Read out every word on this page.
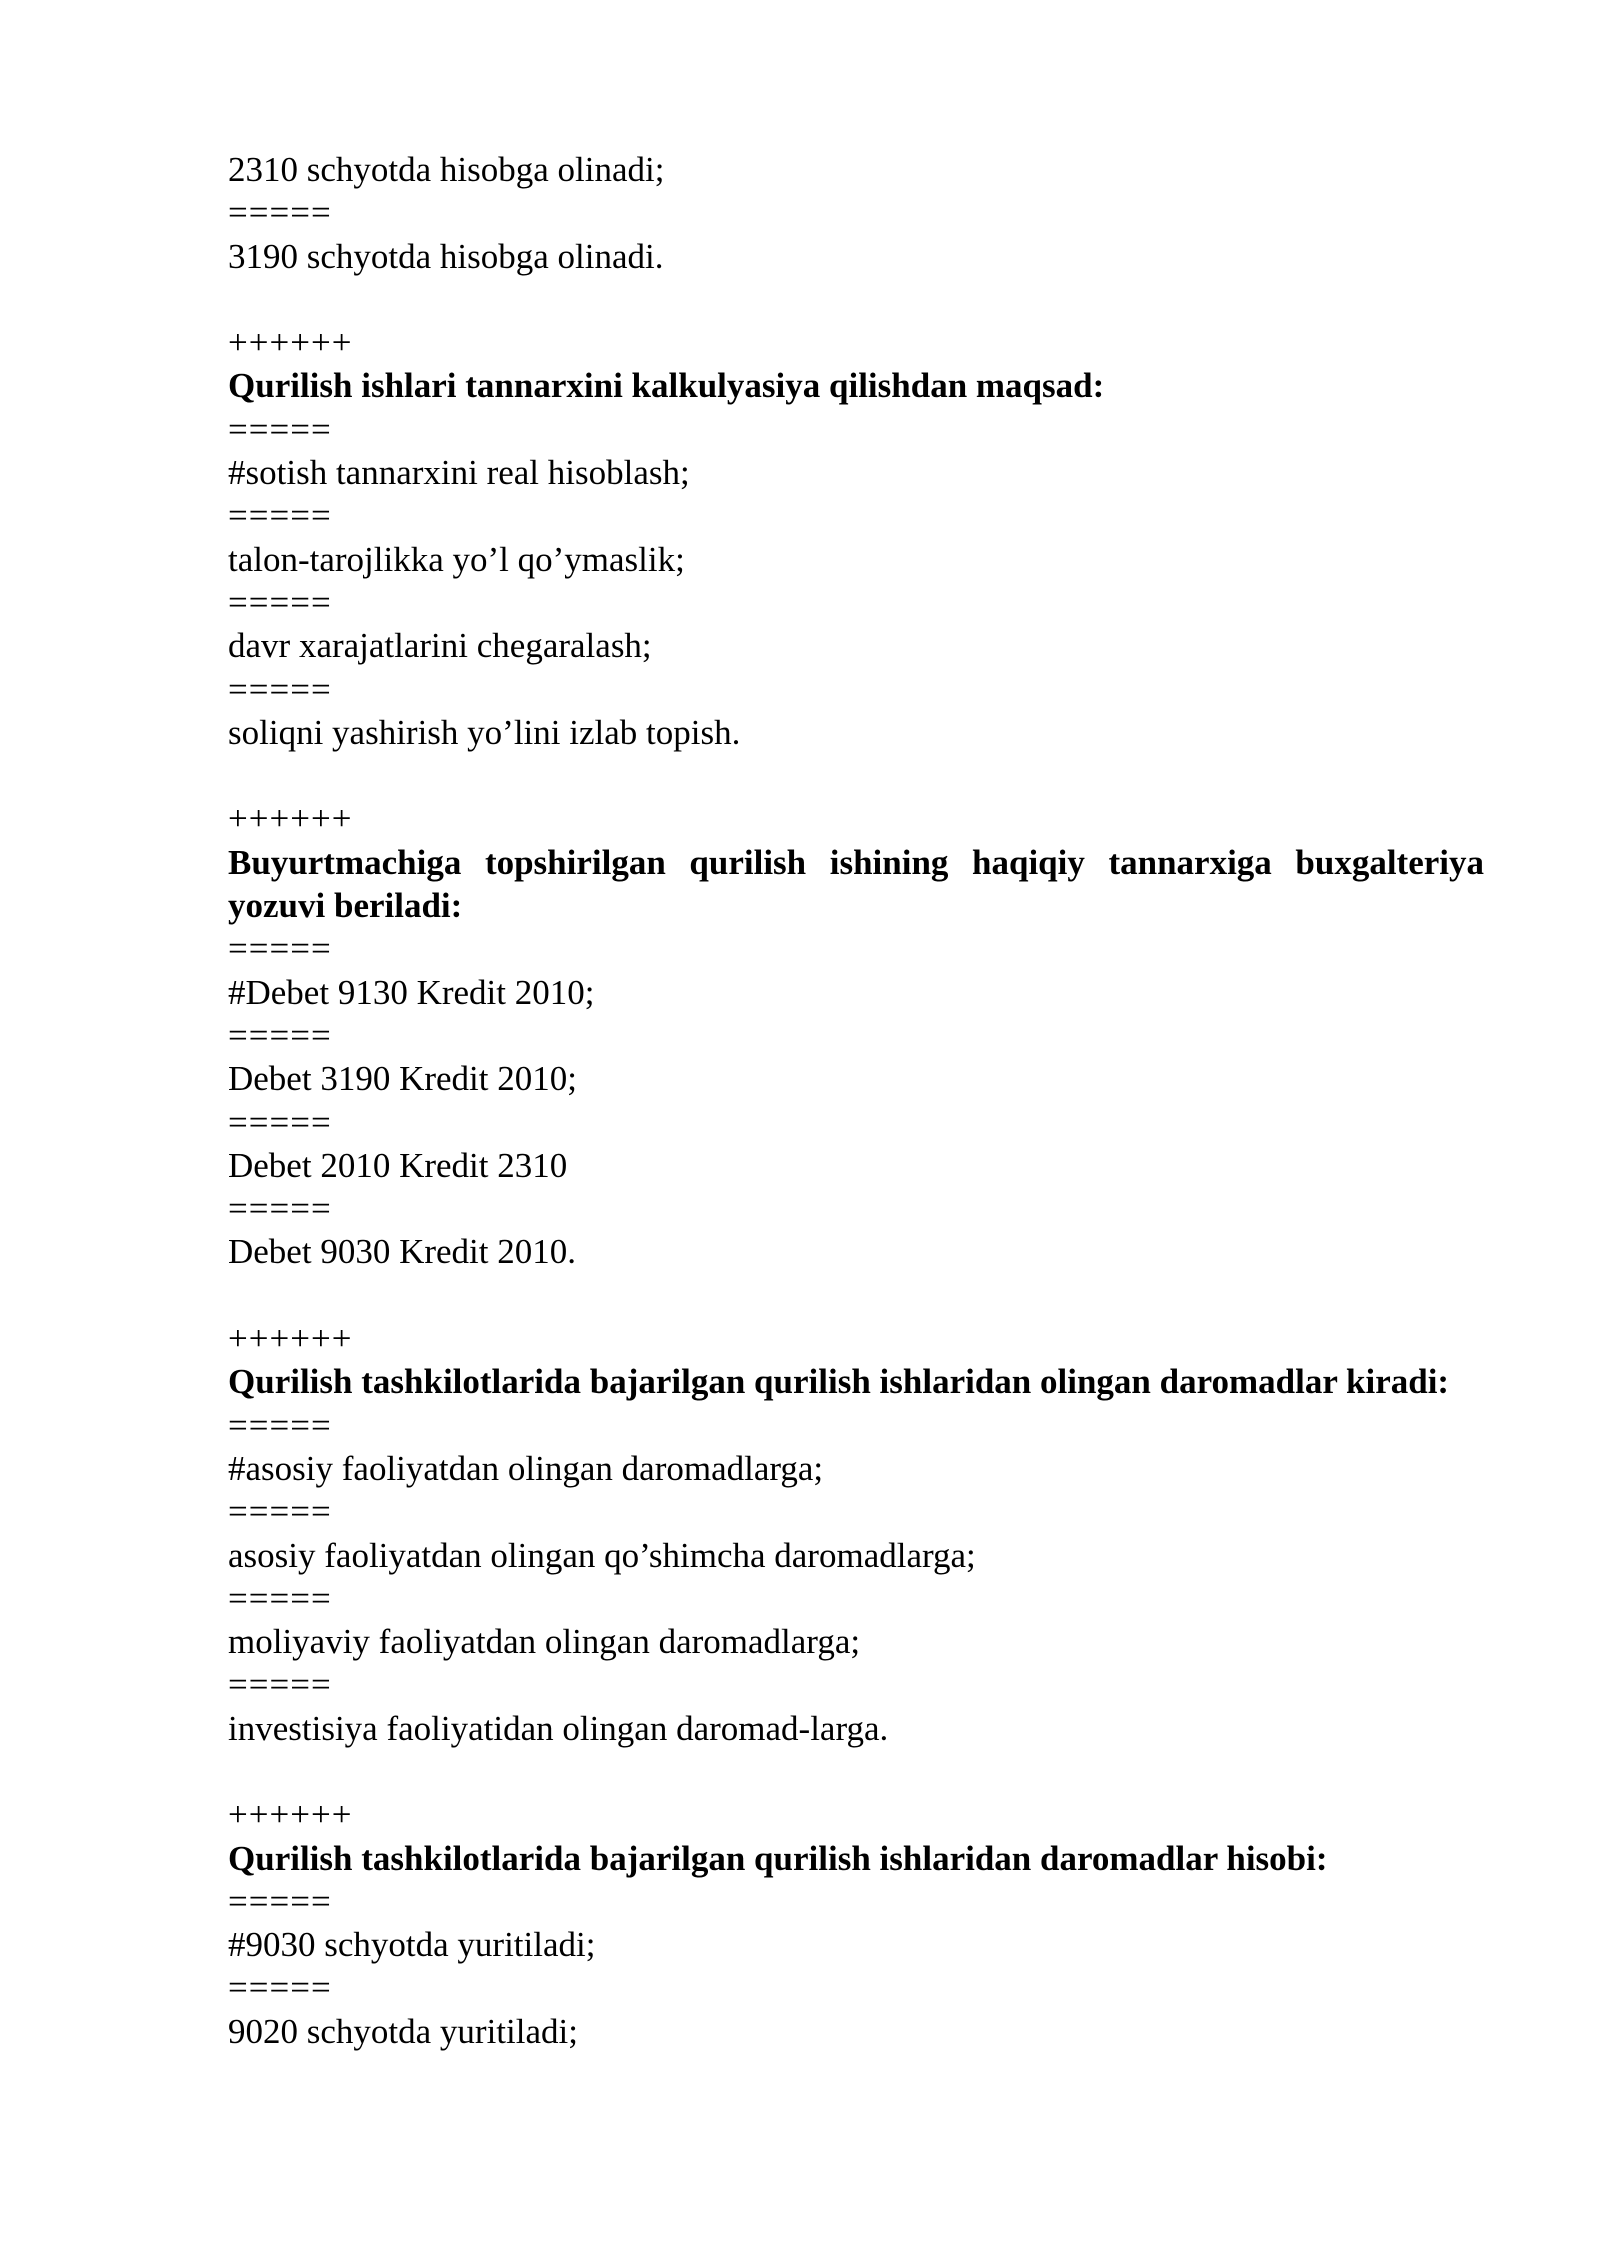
2310 schyotda hisobga olinadi;

=====

3190 schyotda hisobga olinadi.

++++++

Qurilish ishlari tannarxini kalkulyasiya qilishdan maqsad:

=====

#sotish tannarxini real hisoblash;

=====

talon-tarojlikka yo’l qo’ymaslik;

=====

davr xarajatlarini chegaralash;

=====

soliqni yashirish yo’lini izlab topish.

++++++

Buyurtmachiga topshirilgan qurilish ishining haqiqiy tannarxiga buxgalteriya yozuvi beriladi:

=====

#Debet 9130 Kredit 2010;

=====

Debet 3190 Kredit 2010;

=====

Debet 2010 Kredit 2310

=====

Debet 9030 Kredit 2010.

++++++

Qurilish tashkilotlarida bajarilgan qurilish ishlaridan olingan daromadlar kiradi:

=====

#asosiy faoliyatdan olingan daromadlarga;

=====

asosiy faoliyatdan olingan qo’shimcha daromadlarga;

=====

moliyaviy faoliyatdan olingan daromadlarga;

=====

investisiya faoliyatidan olingan daromad-larga.

++++++

Qurilish tashkilotlarida bajarilgan qurilish ishlaridan daromadlar hisobi:

=====

#9030 schyotda yuritiladi;

=====

9020 schyotda yuritiladi;
